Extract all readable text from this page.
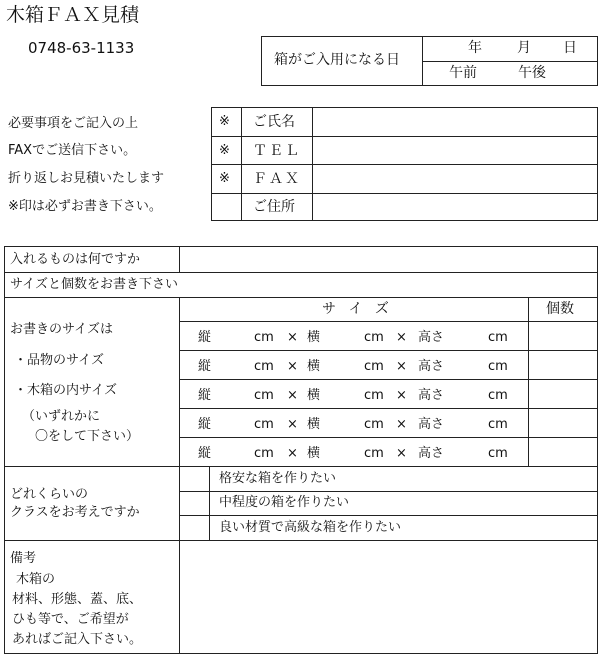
木箱ＦＡＸ見積
0748-63-1133
箱がご入用になる日
年	月 日
午前	午後
必要事項をご記入の上
FAXでご送信下さい。
折り返しお見積いたします
※印は必ずお書き下さい。
※ ご氏名
※ ＴＥＬ
※ ＦＡＸ
ご住所
入れるものは何ですか
サイズと個数をお書き下さい
サ イ ズ	個数
お書きのサイズは
・品物のサイズ
・木箱の内サイズ
（いずれかに
〇をして下さい）
縦	cm × 横	cm × 高さ	cm
縦	cm × 横	cm × 高さ	cm
縦	cm × 横	cm × 高さ	cm
縦	cm × 横	cm × 高さ	cm
縦	cm × 横	cm × 高さ	cm
どれくらいの
クラスをお考えですか
格安な箱を作りたい
中程度の箱を作りたい
良い材質で高級な箱を作りたい
備考
木箱の
材料、形態、蓋、底、
ひも等で、ご希望が
あればご記入下さい。
